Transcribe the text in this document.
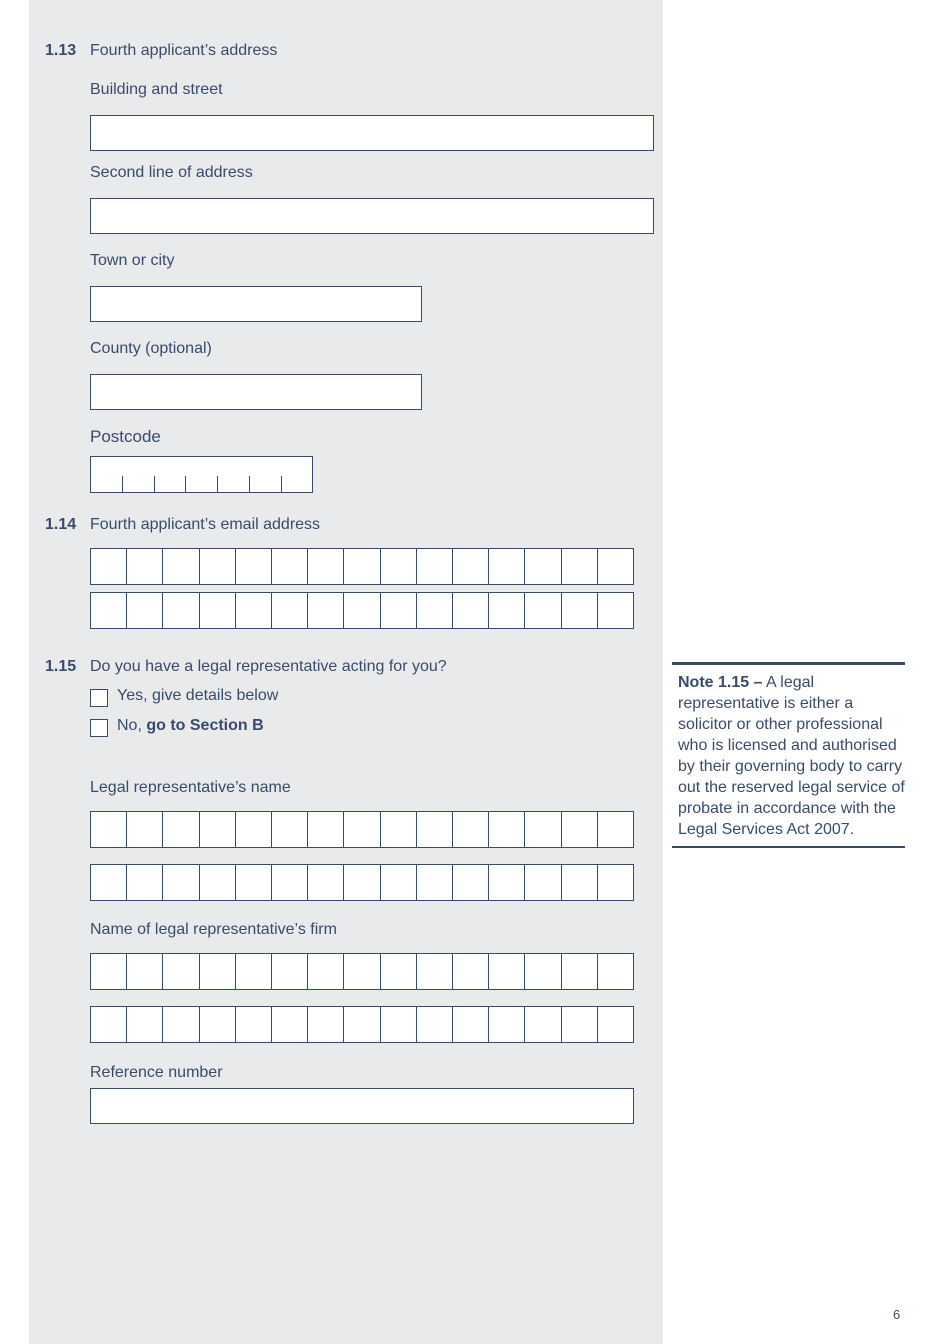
1.13 Fourth applicant’s address
Building and street
Second line of address
Town or city
County (optional)
Postcode
1.14 Fourth applicant’s email address
1.15 Do you have a legal representative acting for you?
Yes, give details below
No, go to Section B
Legal representative’s name
Name of legal representative’s firm
Reference number
Note 1.15 – A legal representative is either a solicitor or other professional who is licensed and authorised by their governing body to carry out the reserved legal service of probate in accordance with the Legal Services Act 2007.
6
